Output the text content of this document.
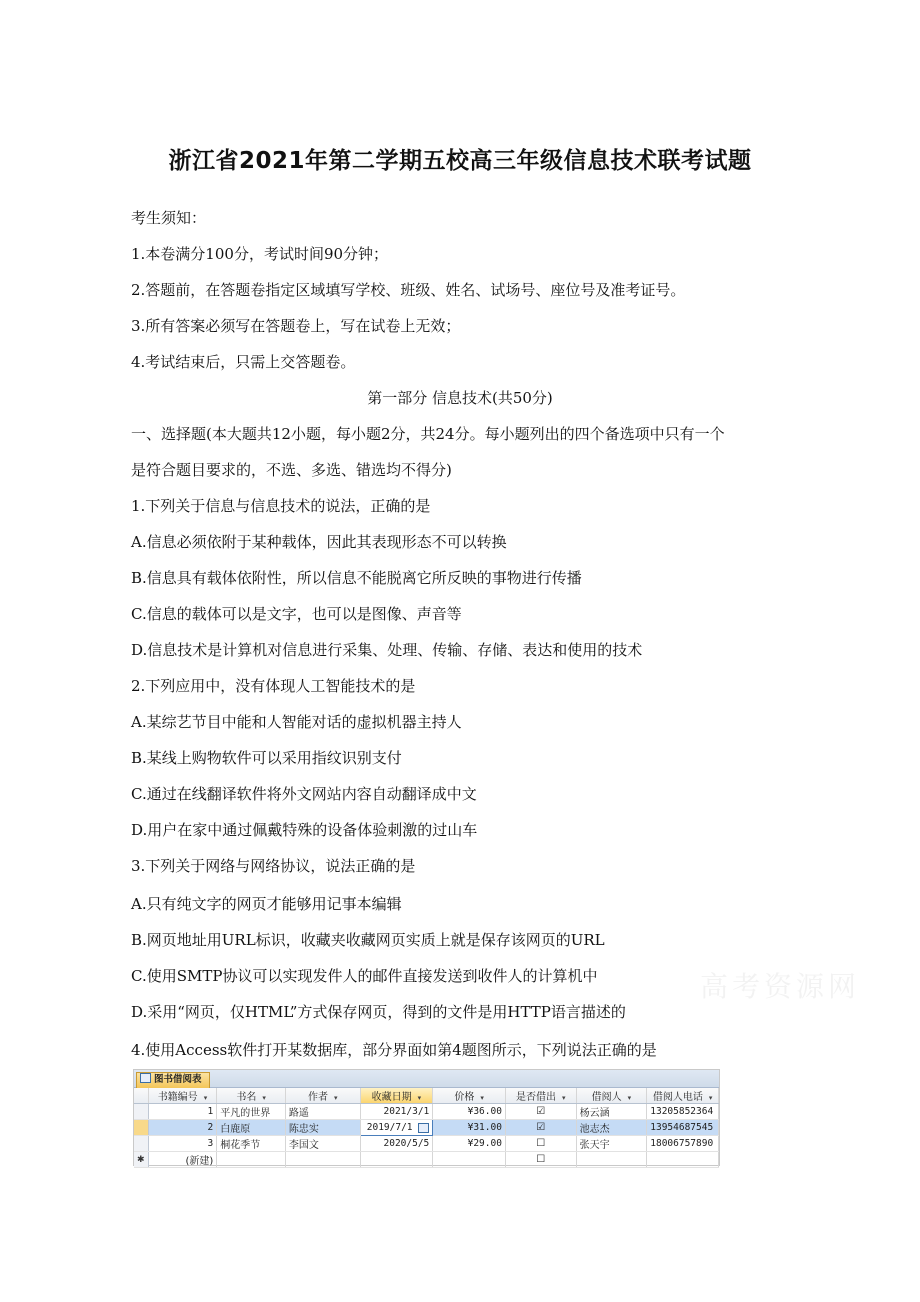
浙江省2021年第二学期五校高三年级信息技术联考试题
考生须知：
1.本卷满分100分，考试时间90分钟；
2.答题前，在答题卷指定区域填写学校、班级、姓名、试场号、座位号及准考证号。
3.所有答案必须写在答题卷上，写在试卷上无效；
4.考试结束后，只需上交答题卷。
第一部分 信息技术(共50分)
一、选择题(本大题共12小题，每小题2分，共24分。每小题列出的四个备选项中只有一个
是符合题目要求的，不选、多选、错选均不得分)
1.下列关于信息与信息技术的说法，正确的是
A.信息必须依附于某种载体，因此其表现形态不可以转换
B.信息具有载体依附性，所以信息不能脱离它所反映的事物进行传播
C.信息的载体可以是文字，也可以是图像、声音等
D.信息技术是计算机对信息进行采集、处理、传输、存储、表达和使用的技术
2.下列应用中，没有体现人工智能技术的是
A.某综艺节目中能和人智能对话的虚拟机器主持人
B.某线上购物软件可以采用指纹识别支付
C.通过在线翻译软件将外文网站内容自动翻译成中文
D.用户在家中通过佩戴特殊的设备体验刺激的过山车
3.下列关于网络与网络协议，说法正确的是
A.只有纯文字的网页才能够用记事本编辑
B.网页地址用URL标识，收藏夹收藏网页实质上就是保存该网页的URL
C.使用SMTP协议可以实现发件人的邮件直接发送到收件人的计算机中
D.采用“网页，仅HTML”方式保存网页，得到的文件是用HTTP语言描述的
4.使用Access软件打开某数据库，部分界面如第4题图所示，下列说法正确的是
高考资源网
图书借阅表
	书籍编号 ▾	书名 ▾	作者 ▾	收藏日期 ▾	价格 ▾	是否借出 ▾	借阅人 ▾	借阅人电话 ▾
	1	平凡的世界	路遥	2021/3/1	¥36.00	☑	杨云涵	13205852364
	2	白鹿原	陈忠实	2019/7/1	¥31.00	☑	池志杰	13954687545
	3	桐花季节	李国文	2020/5/5	¥29.00	☐	张天宇	18006757890
✱	(新建)					☐		
